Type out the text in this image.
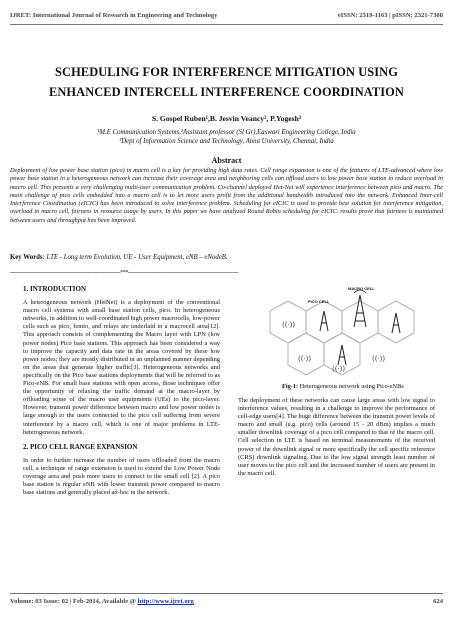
IJRET: International Journal of Research in Engineering and Technology	eISSN: 2319-1163 | pISSN: 2321-7308
SCHEDULING FOR INTERFERENCE MITIGATION USING
ENHANCED INTERCELL INTERFERENCE COORDINATION
S. Gospel Ruben¹,B. Jesvin Veancy², P.Yogesh³
¹M.E Communication Systems,²Assistant professor (Sl Gr),Easwari Engineering College, India
³Dept of Information Science and Technology, Anna University, Chennai, India
Abstract
Deployment of low power base station (pico) in macro cell is a key for providing high data rates. Cell range expansion is one of the features of LTE-advanced where low power base station in a heterogeneous network can increase their coverage area and neighboring cells can offload users to low power base station to reduce overload in macro cell. This presents a very challenging multi-user communication problem. Co-channel deployed Het-Net will experience interference between pico and macro. The main challenge of pico cells embedded into a macro cell is to let more users profit from the additional bandwidth introduced into the network. Enhanced Inter-cell Interference Coordination (eICIC) has been introduced to solve interference problem. Scheduling for eICIC is used to provide best solution for interference mitigation, overload in macro cell, fairness in resource usage by users. In this paper we have analyzed Round Robin scheduling for eICIC. results prove that fairness is maintained between users and throughput has been improved.
Key Words: LTE - Long term Evolution, UE - User Equipment, eNB – eNodeB.
---------------------------------------------------------------------***---------------------------------------------------------------------
1. INTRODUCTION
A heterogeneous network (HetNet) is a deployment of the conventional macro cell systems with small base station cells, pico. In heterogeneous networks, in addition to well-coordinated high power macrocells, low-power cells such as pico, femto, and relays are underlaid in a macrocell area[12]. This approach consists of complementing the Macro layer with LPN (low power nodes) Pico base stations. This approach has been considered a way to improve the capacity and data rate in the areas covered by these low power nodes; they are mostly distributed in an unplanned manner depending on the areas that generate higher traffic[3]. Heterogeneous networks and specifically on the Pico base stations deployments that will be referred to as Pico-eNB. For small base stations with open access, those techniques offer the opportunity of relaxing the traffic demand at the macro-layer by offloading some of the macro user equipments (UEs) to the pico-layer. However, transmit power difference between macro and low power nodes is large enough to the users connected to the pico cell suffering from severe interference by a macro cell, which is one of major problems in LTE-heterogeneous network.
2. PICO CELL RANGE EXPANSION
In order to further increase the number of users offloaded from the macro cell, a technique of range extension is used to extend the Low Power Node coverage area and push more users to connect to the small cell [2]. A pico base station is regular eNB with lower transmit power compared to macro base stations and generally placed ad-hoc in the network.
((·))
((·))
((·))
((·))
MACRO CELL
PICO CELL
Fig-1: Heterogeneous network using Pico-eNBs
The deployment of these networks can cause large areas with low signal to interference values, resulting in a challenge to improve the performance of cell-edge users[4]. The huge difference between the transmit power levels of macro and small (e.g. pico) cells (around 15 - 20 dBm) implies a much smaller downlink coverage of a pico cell compared to that of the macro cell. Cell selection in LTE is based on terminal measurements of the received power of the downlink signal or more specifically the cell specific reference (CRS) downlink signaling. Due to the low signal strength least number of user moves to the pico cell and the increased number of users are present in the macro cell.
Volume: 03 Issue: 02 | Feb-2014, Available @ http://www.ijret.org	624
